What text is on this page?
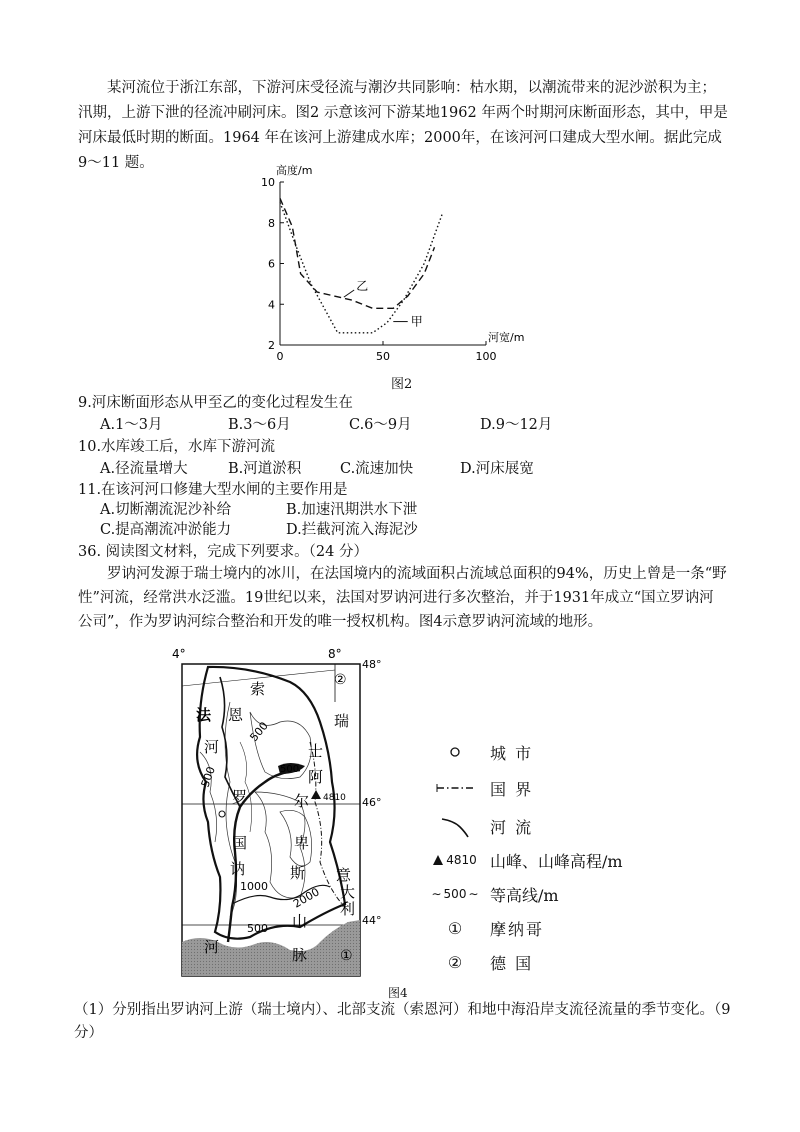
某河流位于浙江东部，下游河床受径流与潮汐共同影响：枯水期，以潮流带来的泥沙淤积为主；汛期，上游下泄的径流冲刷河床。图2 示意该河下游某地1962 年两个时期河床断面形态，其中，甲是河床最低时期的断面。1964 年在该河上游建成水库；2000年，在该河河口建成大型水闸。据此完成9～11 题。
2
4
6
8
10
0	50	100
高度/m
河宽/m
甲
乙
图2
9.河床断面形态从甲至乙的变化过程发生在
A.1～3月	B.3～6月	C.6～9月	D.9～12月
10.水库竣工后，水库下游河流
A.径流量增大	B.河道淤积	C.流速加快	D.河床展宽
11.在该河河口修建大型水闸的主要作用是
A.切断潮流泥沙补给	B.加速汛期洪水下泄
C.提高潮流冲淤能力	D.拦截河流入海泥沙
36. 阅读图文材料，完成下列要求。（24 分）
罗讷河发源于瑞士境内的冰川，在法国境内的流域面积占流域总面积的94%，历史上曾是一条“野性”河流，经常洪水泛滥。19世纪以来，法国对罗讷河进行多次整治，并于1931年成立“国立罗讷河公司”，作为罗讷河综合整治和开发的唯一授权机构。图4示意罗讷河流域的地形。
4810
4°	8°
48°
46°
44°
500
500
1000 2000
500
500
②
①
法
国
瑞
士
意
大
利
索
恩
河
罗
讷
河
阿
尔
卑
斯
山
脉
图4
城 市
国 界
河 流
4810 山峰、山峰高程/m
∼ 500 ∼ 等高线/m
①	摩纳哥
②	德 国
（1）分别指出罗讷河上游（瑞士境内）、北部支流（索恩河）和地中海沿岸支流径流量的季节变化。（9分）
